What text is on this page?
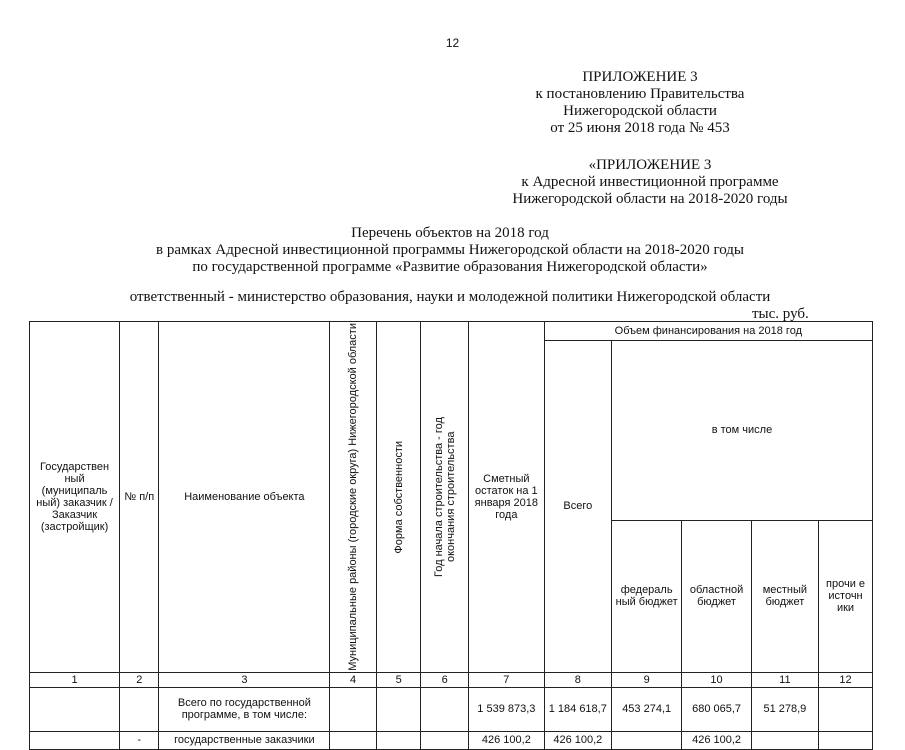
12
ПРИЛОЖЕНИЕ 3
к постановлению Правительства
Нижегородской области
от 25 июня 2018 года № 453
«ПРИЛОЖЕНИЕ 3
к Адресной инвестиционной программе
Нижегородской области на 2018-2020 годы
Перечень объектов на 2018 год
в рамках Адресной инвестиционной программы Нижегородской области на 2018-2020 годы
по государственной программе «Развитие образования Нижегородской области»
ответственный - министерство образования, науки и молодежной политики Нижегородской области
тыс. руб.
Государствен ный (муниципаль ный) заказчик / Заказчик (застройщик)	№ п/п	Наименование объекта	Муниципальные районы (городские округа) Нижегородской области	Форма собственности	Год начала строительства - год окончания строительства	Сметный остаток на 1 января 2018 года	Объем финансирования на 2018 год				
							Всего	в том числе			
								федераль ный бюджет	областной бюджет	местный бюджет	прочи е источн ики
1	2	3	4	5	6	7	8	9	10	11	12
		Всего по государственной программе, в том числе:				1 539 873,3	1 184 618,7	453 274,1	680 065,7	51 278,9	
	-	государственные заказчики				426 100,2	426 100,2		426 100,2		
